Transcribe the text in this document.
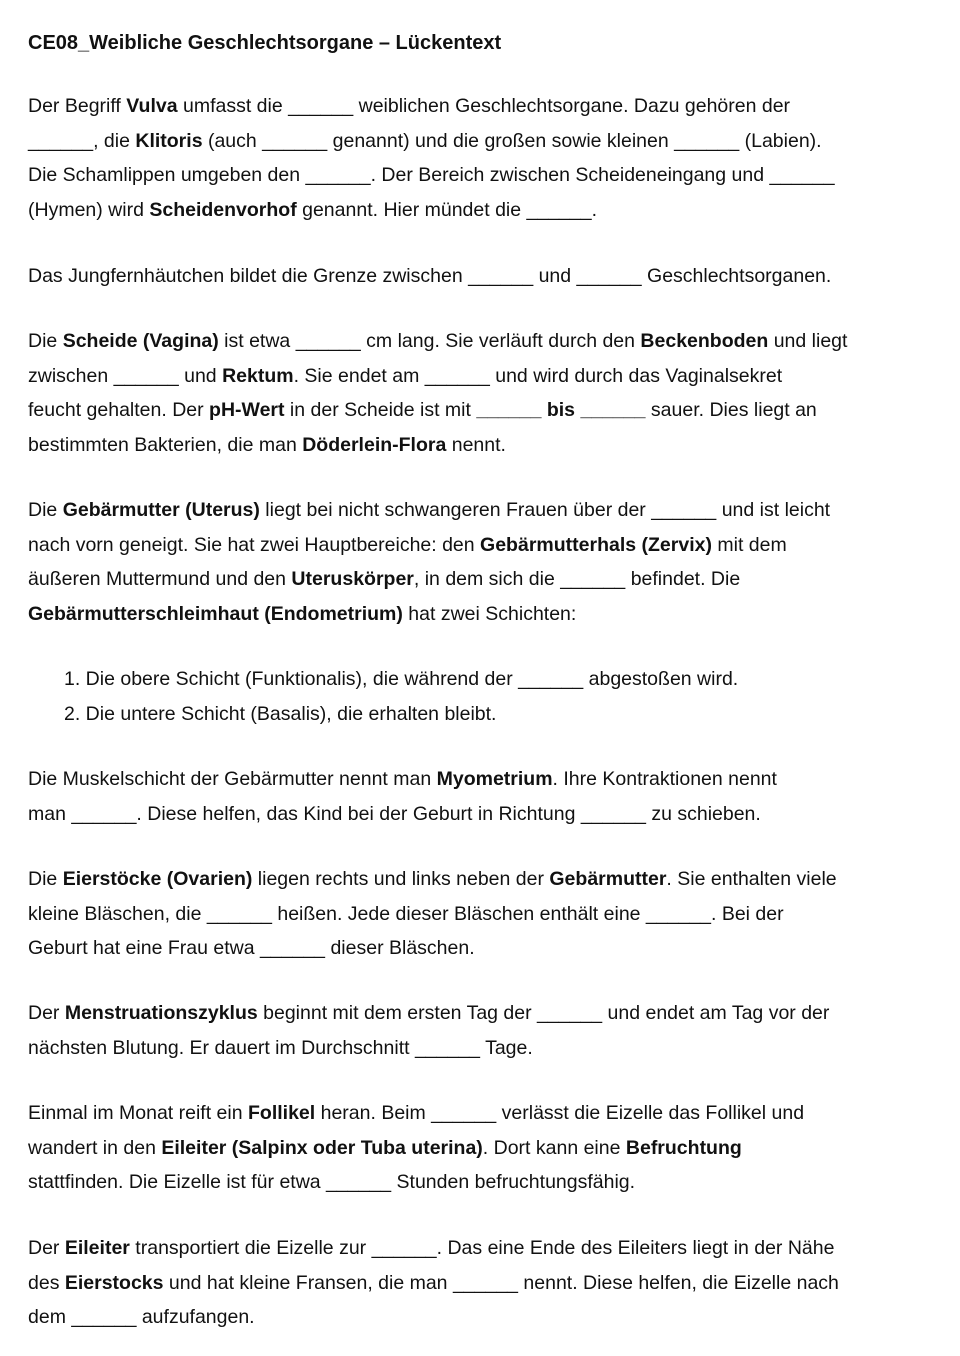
CE08_Weibliche Geschlechtsorgane – Lückentext
Der Begriff Vulva umfasst die ______ weiblichen Geschlechtsorgane. Dazu gehören der
______, die Klitoris (auch ______ genannt) und die großen sowie kleinen ______ (Labien).
Die Schamlippen umgeben den ______. Der Bereich zwischen Scheideneingang und ______
(Hymen) wird Scheidenvorhof genannt. Hier mündet die ______.
Das Jungfernhäutchen bildet die Grenze zwischen ______ und ______ Geschlechtsorganen.
Die Scheide (Vagina) ist etwa ______ cm lang. Sie verläuft durch den Beckenboden und liegt
zwischen ______ und Rektum. Sie endet am ______ und wird durch das Vaginalsekret
feucht gehalten. Der pH-Wert in der Scheide ist mit ______ bis ______ sauer. Dies liegt an
bestimmten Bakterien, die man Döderlein-Flora nennt.
Die Gebärmutter (Uterus) liegt bei nicht schwangeren Frauen über der ______ und ist leicht
nach vorn geneigt. Sie hat zwei Hauptbereiche: den Gebärmutterhals (Zervix) mit dem
äußeren Muttermund und den Uteruskörper, in dem sich die ______ befindet. Die
Gebärmutterschleimhaut (Endometrium) hat zwei Schichten:
1. Die obere Schicht (Funktionalis), die während der ______ abgestoßen wird.
2. Die untere Schicht (Basalis), die erhalten bleibt.
Die Muskelschicht der Gebärmutter nennt man Myometrium. Ihre Kontraktionen nennt
man ______. Diese helfen, das Kind bei der Geburt in Richtung ______ zu schieben.
Die Eierstöcke (Ovarien) liegen rechts und links neben der Gebärmutter. Sie enthalten viele
kleine Bläschen, die ______ heißen. Jede dieser Bläschen enthält eine ______. Bei der
Geburt hat eine Frau etwa ______ dieser Bläschen.
Der Menstruationszyklus beginnt mit dem ersten Tag der ______ und endet am Tag vor der
nächsten Blutung. Er dauert im Durchschnitt ______ Tage.
Einmal im Monat reift ein Follikel heran. Beim ______ verlässt die Eizelle das Follikel und
wandert in den Eileiter (Salpinx oder Tuba uterina). Dort kann eine Befruchtung
stattfinden. Die Eizelle ist für etwa ______ Stunden befruchtungsfähig.
Der Eileiter transportiert die Eizelle zur ______. Das eine Ende des Eileiters liegt in der Nähe
des Eierstocks und hat kleine Fransen, die man ______ nennt. Diese helfen, die Eizelle nach
dem ______ aufzufangen.
